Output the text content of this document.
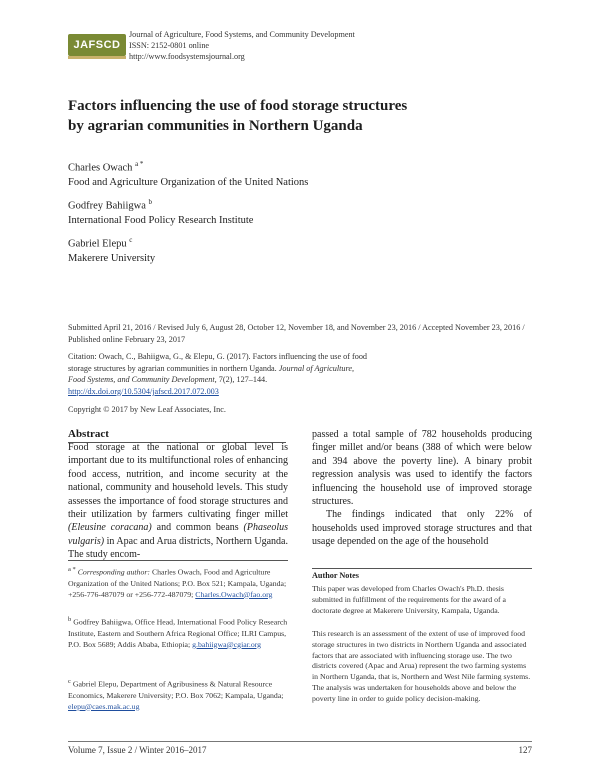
JAFSCD
Journal of Agriculture, Food Systems, and Community Development
ISSN: 2152-0801 online
http://www.foodsystemsjournal.org
Factors influencing the use of food storage structures
by agrarian communities in Northern Uganda
Charles Owach $^{a *}$
Food and Agriculture Organization of the United Nations
Godfrey Bahiigwa $^b$
International Food Policy Research Institute
Gabriel Elepu $^c$
Makerere University
Submitted April 21, 2016 / Revised July 6, August 28, October 12, November 18, and November 23, 2016 / Accepted November 23, 2016 / Published online February 23, 2017
Citation: Owach, C., Bahiigwa, G., & Elepu, G. (2017). Factors influencing the use of food storage structures by agrarian communities in northern Uganda. Journal of Agriculture, Food Systems, and Community Development, 7(2), 127–144.
http://dx.doi.org/10.5304/jafscd.2017.072.003
Copyright © 2017 by New Leaf Associates, Inc.
Abstract
Food storage at the national or global level is important due to its multifunctional roles of enhancing food access, nutrition, and income security at the national, community and household levels. This study assesses the importance of food storage structures and their utilization by farmers cultivating finger millet (Eleusine coracana) and common beans (Phaseolus vulgaris) in Apac and Arua districts, Northern Uganda. The study encom-
passed a total sample of 782 households producing finger millet and/or beans (388 of which were below and 394 above the poverty line). A binary probit regression analysis was used to identify the factors influencing the household use of improved storage structures.
The findings indicated that only 22% of households used improved storage structures and that usage depended on the age of the household
$^{a *}$ Corresponding author: Charles Owach, Food and Agriculture Organization of the United Nations; P.O. Box 521; Kampala, Uganda; +256-776-487079 or +256-772-487079; Charles.Owach@fao.org
$^b$ Godfrey Bahiigwa, Office Head, International Food Policy Research Institute, Eastern and Southern Africa Regional Office; ILRI Campus, P.O. Box 5689; Addis Ababa, Ethiopia; g.bahiigwa@cgiar.org
$^c$ Gabriel Elepu, Department of Agribusiness & Natural Resource Economics, Makerere University; P.O. Box 7062; Kampala, Uganda; elepu@caes.mak.ac.ug
Author Notes
This paper was developed from Charles Owach's Ph.D. thesis submitted in fulfillment of the requirements for the award of a doctorate degree at Makerere University, Kampala, Uganda.
This research is an assessment of the extent of use of improved food storage structures in two districts in Northern Uganda and associated factors that are associated with influencing storage use. The two districts covered (Apac and Arua) represent the two farming systems in Northern Uganda, that is, Northern and West Nile farming systems. The analysis was undertaken for households above and below the poverty line in order to guide policy decision-making.
Volume 7, Issue 2 / Winter 2016–2017	127
